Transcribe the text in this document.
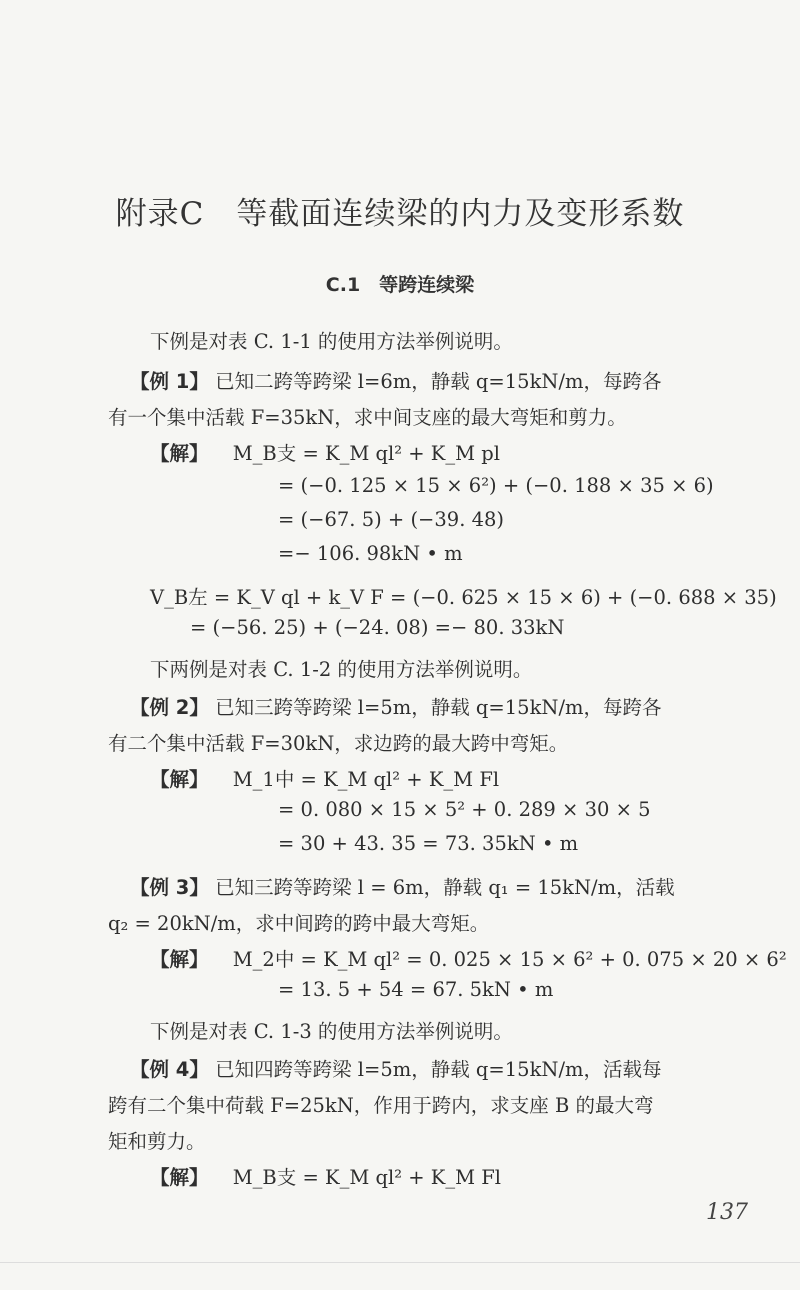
附录C　等截面连续梁的内力及变形系数
C.1　等跨连续梁
下例是对表 C. 1-1 的使用方法举例说明。
【例 1】 已知二跨等跨梁 l=6m，静载 q=15kN/m，每跨各
有一个集中活载 F=35kN，求中间支座的最大弯矩和剪力。
【解】 M_B支 = K_M ql² + K_M pl
= (−0. 125 × 15 × 6²) + (−0. 188 × 35 × 6)
= (−67. 5) + (−39. 48)
=− 106. 98kN • m
V_B左 = K_V ql + k_V F = (−0. 625 × 15 × 6) + (−0. 688 × 35)
= (−56. 25) + (−24. 08) =− 80. 33kN
下两例是对表 C. 1-2 的使用方法举例说明。
【例 2】 已知三跨等跨梁 l=5m，静载 q=15kN/m，每跨各
有二个集中活载 F=30kN，求边跨的最大跨中弯矩。
【解】 M_1中 = K_M ql² + K_M Fl
= 0. 080 × 15 × 5² + 0. 289 × 30 × 5
= 30 + 43. 35 = 73. 35kN • m
【例 3】 已知三跨等跨梁 l = 6m，静载 q₁ = 15kN/m，活载
q₂ = 20kN/m，求中间跨的跨中最大弯矩。
【解】 M_2中 = K_M ql² = 0. 025 × 15 × 6² + 0. 075 × 20 × 6²
= 13. 5 + 54 = 67. 5kN • m
下例是对表 C. 1-3 的使用方法举例说明。
【例 4】 已知四跨等跨梁 l=5m，静载 q=15kN/m，活载每
跨有二个集中荷载 F=25kN，作用于跨内，求支座 B 的最大弯
矩和剪力。
【解】 M_B支 = K_M ql² + K_M Fl
137
